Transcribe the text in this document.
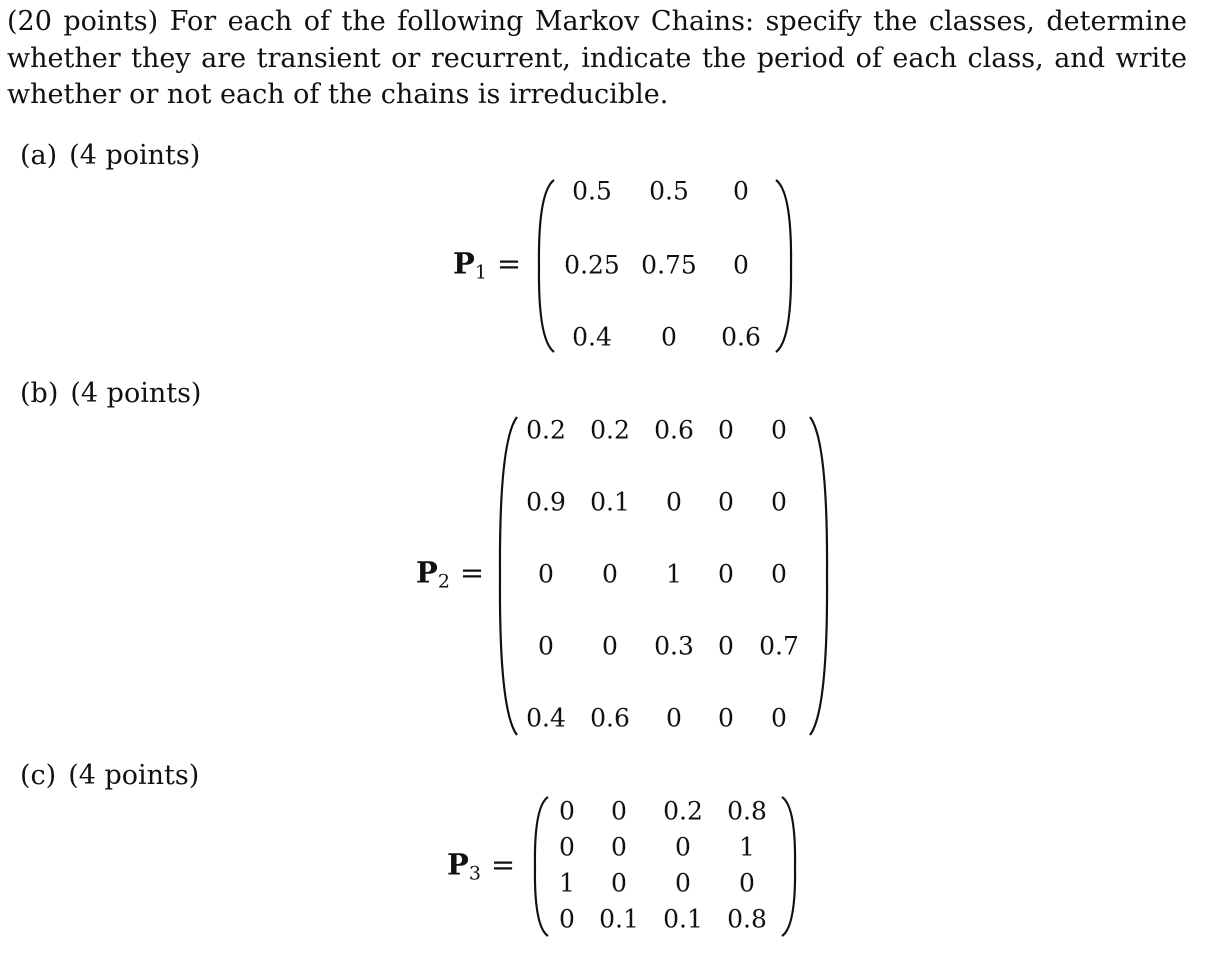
(20 points) For each of the following Markov Chains: specify the classes, determine whether they are transient or recurrent, indicate the period of each class, and write whether or not each of the chains is irreducible.

(a) (4 points)
$P_1$ =
0.5 0.5 0
0.25 0.75 0
0.4 0 0.6
(b) (4 points)
$P_2$ =
0.2 0.2 0.6 0 0
0.9 0.1 0 0 0
0 0 1 0 0
0 0 0.3 0 0.7
0.4 0.6 0 0 0
(c) (4 points)
$P_3$ =
0 0 0.2 0.8
0 0 0 1
1 0 0 0
0 0.1 0.1 0.8
